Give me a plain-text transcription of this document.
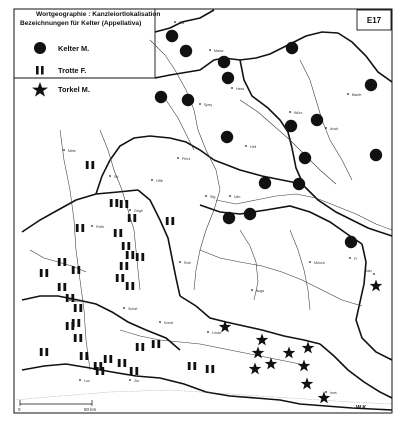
E17
Wortgeographie : Kanzleiortlokalisation
Bezeichnungen für Kelter (Appellativa)
Kelter M.
Trotte F.
Torkel M.
Bla
Mainz
Hess
Spey
Heil
Würz
Ansb
Bamb
Ulm
Pforz
Stg
Offb
Str
Freib
Basel
Schaf
Konst
Linda
Augs
Münch
Fr
Salz
Luz	Zür
Inns
Metz
Gegb
Rott
0	50 km	W.K.
